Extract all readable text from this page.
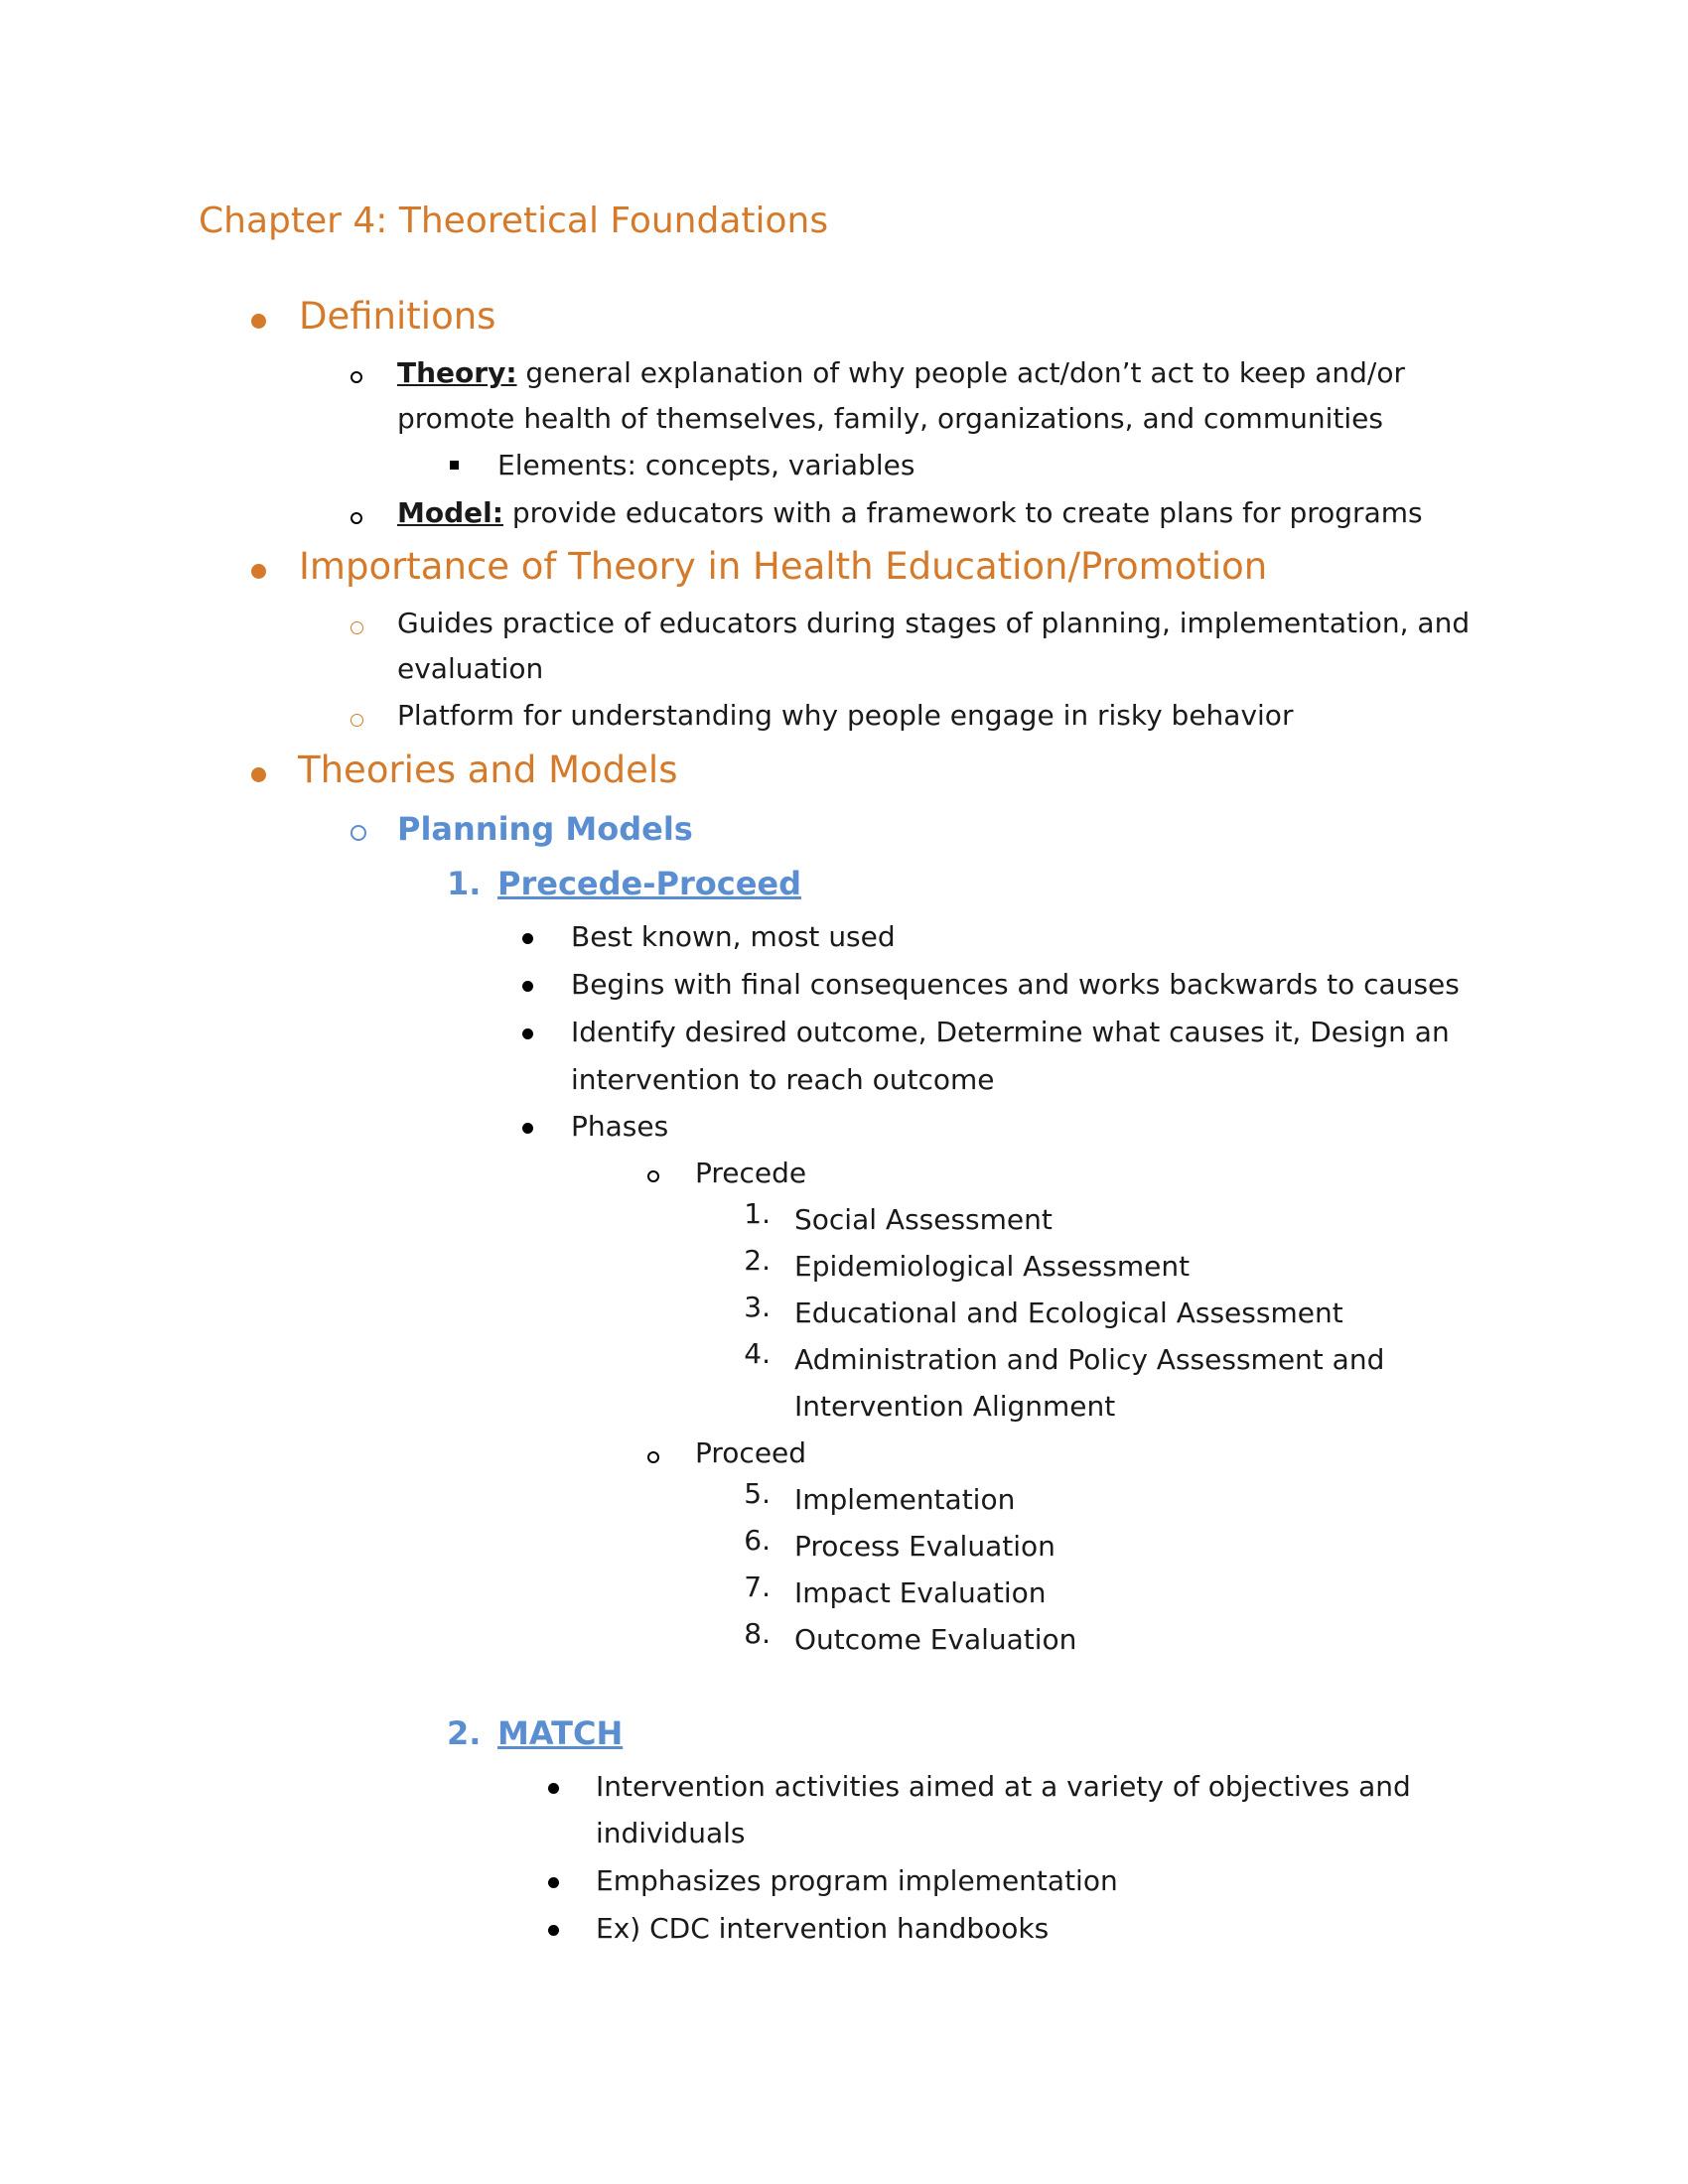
Chapter 4: Theoretical Foundations
Definitions
Theory: general explanation of why people act/don’t act to keep and/or
promote health of themselves, family, organizations, and communities
Elements: concepts, variables
Model: provide educators with a framework to create plans for programs
Importance of Theory in Health Education/Promotion
Guides practice of educators during stages of planning, implementation, and
evaluation
Platform for understanding why people engage in risky behavior
Theories and Models
Planning Models
1. Precede-Proceed
Best known, most used
Begins with final consequences and works backwards to causes
Identify desired outcome, Determine what causes it, Design an
intervention to reach outcome
Phases
Precede
1. Social Assessment
2. Epidemiological Assessment
3. Educational and Ecological Assessment
4. Administration and Policy Assessment and
Intervention Alignment
Proceed
5. Implementation
6. Process Evaluation
7. Impact Evaluation
8. Outcome Evaluation
2. MATCH
Intervention activities aimed at a variety of objectives and
individuals
Emphasizes program implementation
Ex) CDC intervention handbooks
